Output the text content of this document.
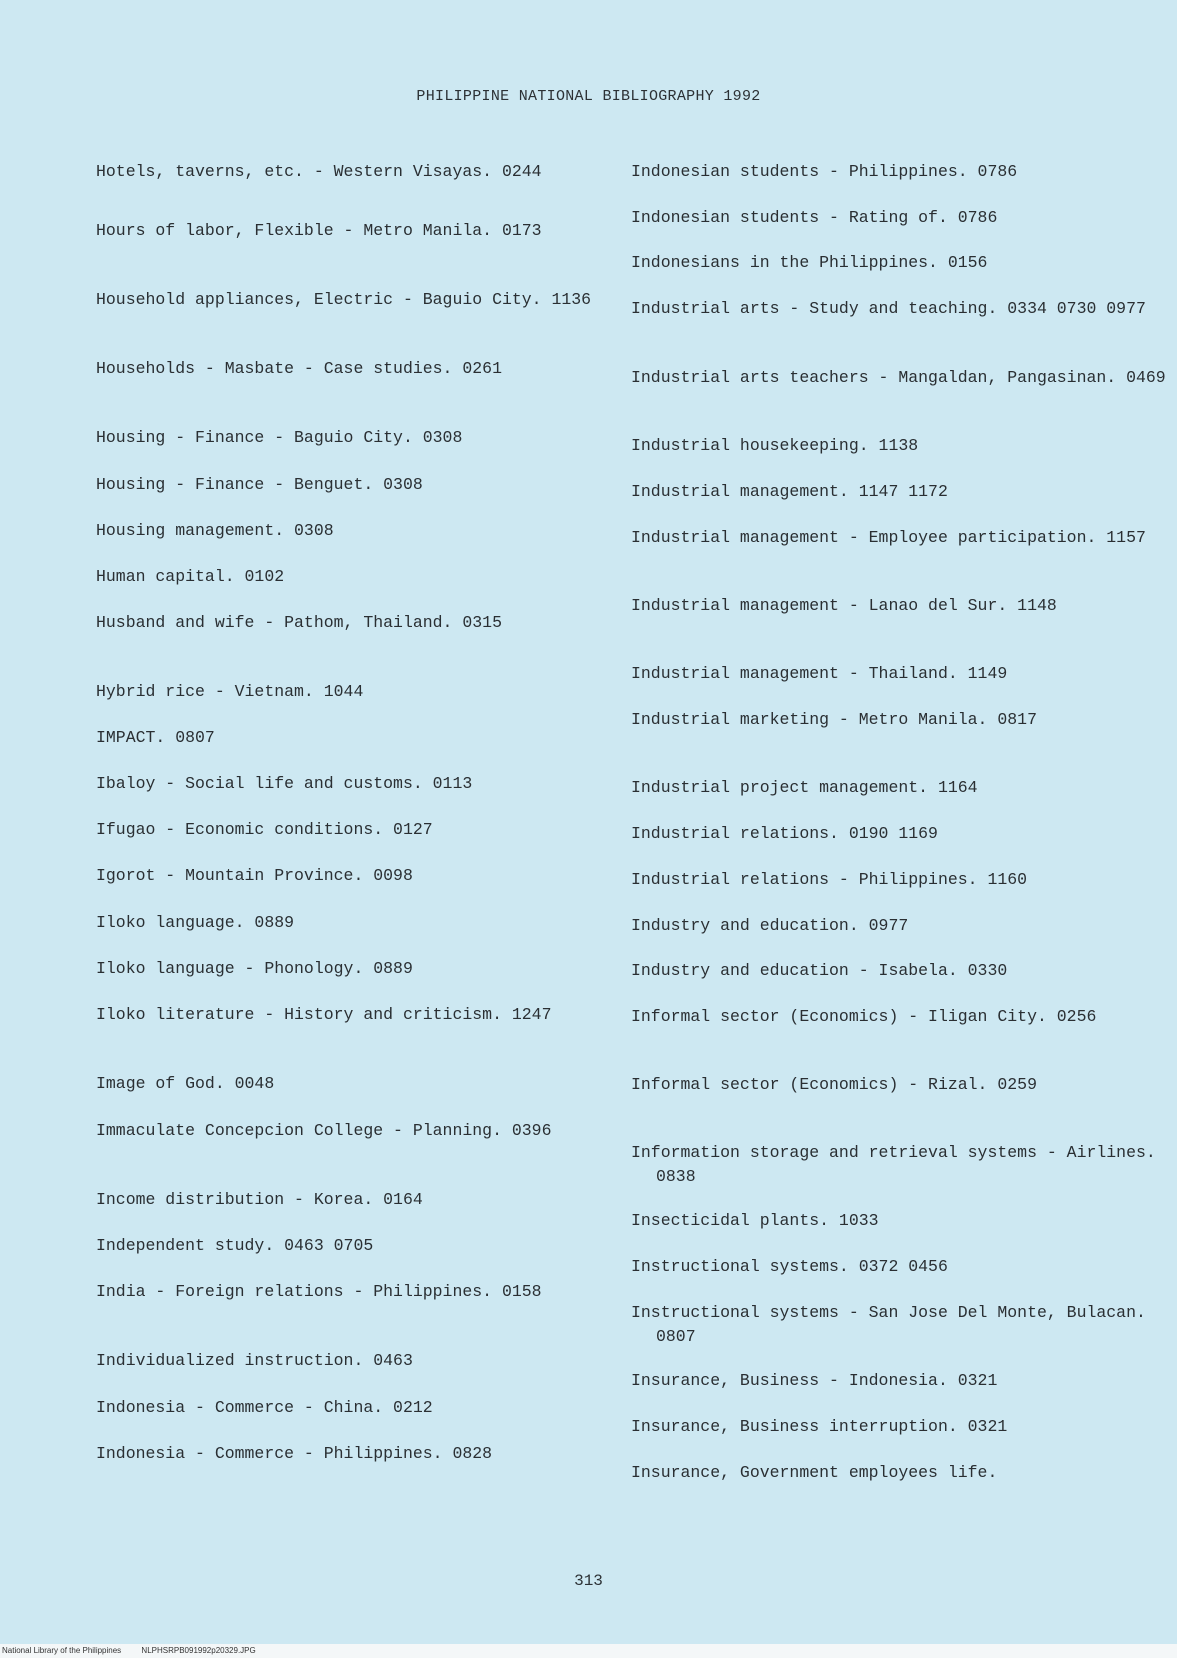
PHILIPPINE NATIONAL BIBLIOGRAPHY 1992
Hotels, taverns, etc. - Western Visayas. 0244
Hours of labor, Flexible - Metro Manila. 0173
Household appliances, Electric - Baguio City. 1136
Households - Masbate - Case studies. 0261
Housing - Finance - Baguio City. 0308
Housing - Finance - Benguet. 0308
Housing management. 0308
Human capital. 0102
Husband and wife - Pathom, Thailand. 0315
Hybrid rice - Vietnam. 1044
IMPACT. 0807
Ibaloy - Social life and customs. 0113
Ifugao - Economic conditions. 0127
Igorot - Mountain Province. 0098
Iloko language. 0889
Iloko language - Phonology. 0889
Iloko literature - History and criticism. 1247
Image of God. 0048
Immaculate Concepcion College - Planning. 0396
Income distribution - Korea. 0164
Independent study. 0463 0705
India - Foreign relations - Philippines. 0158
Individualized instruction. 0463
Indonesia - Commerce - China. 0212
Indonesia - Commerce - Philippines. 0828
Indonesian students - Philippines. 0786
Indonesian students - Rating of. 0786
Indonesians in the Philippines. 0156
Industrial arts - Study and teaching. 0334 0730 0977
Industrial arts teachers - Mangaldan, Pangasinan. 0469
Industrial housekeeping. 1138
Industrial management. 1147 1172
Industrial management - Employee participation. 1157
Industrial management - Lanao del Sur. 1148
Industrial management - Thailand. 1149
Industrial marketing - Metro Manila. 0817
Industrial project management. 1164
Industrial relations. 0190 1169
Industrial relations - Philippines. 1160
Industry and education. 0977
Industry and education - Isabela. 0330
Informal sector (Economics) - Iligan City. 0256
Informal sector (Economics) - Rizal. 0259
Information storage and retrieval systems - Airlines. 0838
Insecticidal plants. 1033
Instructional systems. 0372 0456
Instructional systems - San Jose Del Monte, Bulacan. 0807
Insurance, Business - Indonesia. 0321
Insurance, Business interruption. 0321
Insurance, Government employees life.
313
National Library of the Philippines	NLPHSRPB091992p20329.JPG
